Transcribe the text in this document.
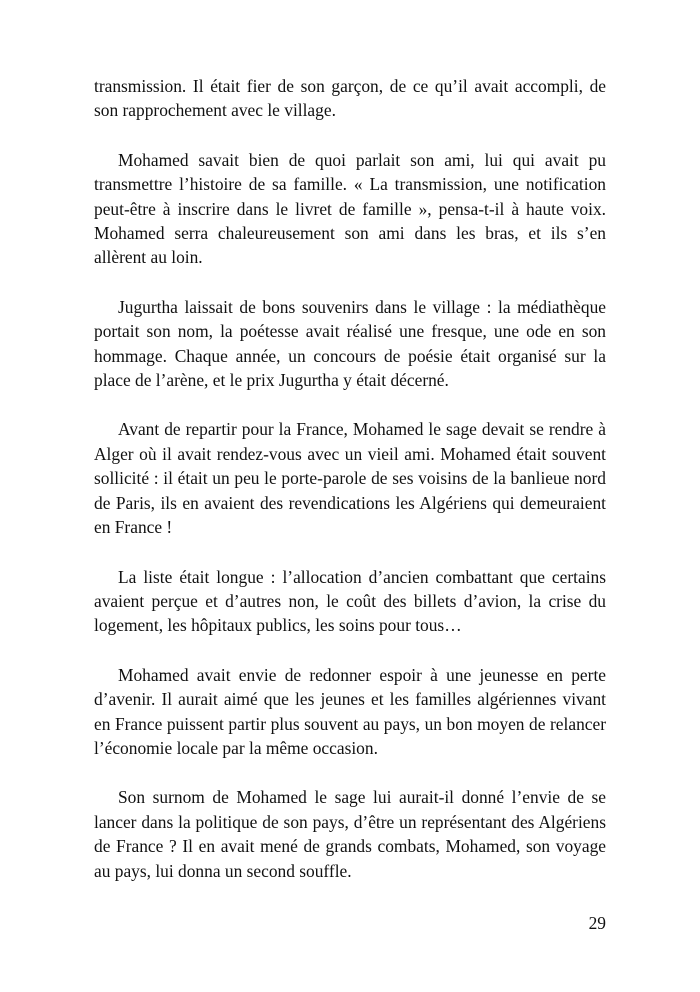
transmission. Il était fier de son garçon, de ce qu’il avait accompli, de son rapprochement avec le village.

Mohamed savait bien de quoi parlait son ami, lui qui avait pu transmettre l’histoire de sa famille. « La transmission, une notification peut-être à inscrire dans le livret de famille », pensa-t-il à haute voix. Mohamed serra chaleureusement son ami dans les bras, et ils s’en allèrent au loin.

Jugurtha laissait de bons souvenirs dans le village : la médiathèque portait son nom, la poétesse avait réalisé une fresque, une ode en son hommage. Chaque année, un concours de poésie était organisé sur la place de l’arène, et le prix Jugurtha y était décerné.

Avant de repartir pour la France, Mohamed le sage devait se rendre à Alger où il avait rendez-vous avec un vieil ami. Mohamed était souvent sollicité : il était un peu le porte-parole de ses voisins de la banlieue nord de Paris, ils en avaient des revendications les Algériens qui demeuraient en France !

La liste était longue : l’allocation d’ancien combattant que certains avaient perçue et d’autres non, le coût des billets d’avion, la crise du logement, les hôpitaux publics, les soins pour tous…

Mohamed avait envie de redonner espoir à une jeunesse en perte d’avenir. Il aurait aimé que les jeunes et les familles algériennes vivant en France puissent partir plus souvent au pays, un bon moyen de relancer l’économie locale par la même occasion.

Son surnom de Mohamed le sage lui aurait-il donné l’envie de se lancer dans la politique de son pays, d’être un représentant des Algériens de France ? Il en avait mené de grands combats, Mohamed, son voyage au pays, lui donna un second souffle.

29
